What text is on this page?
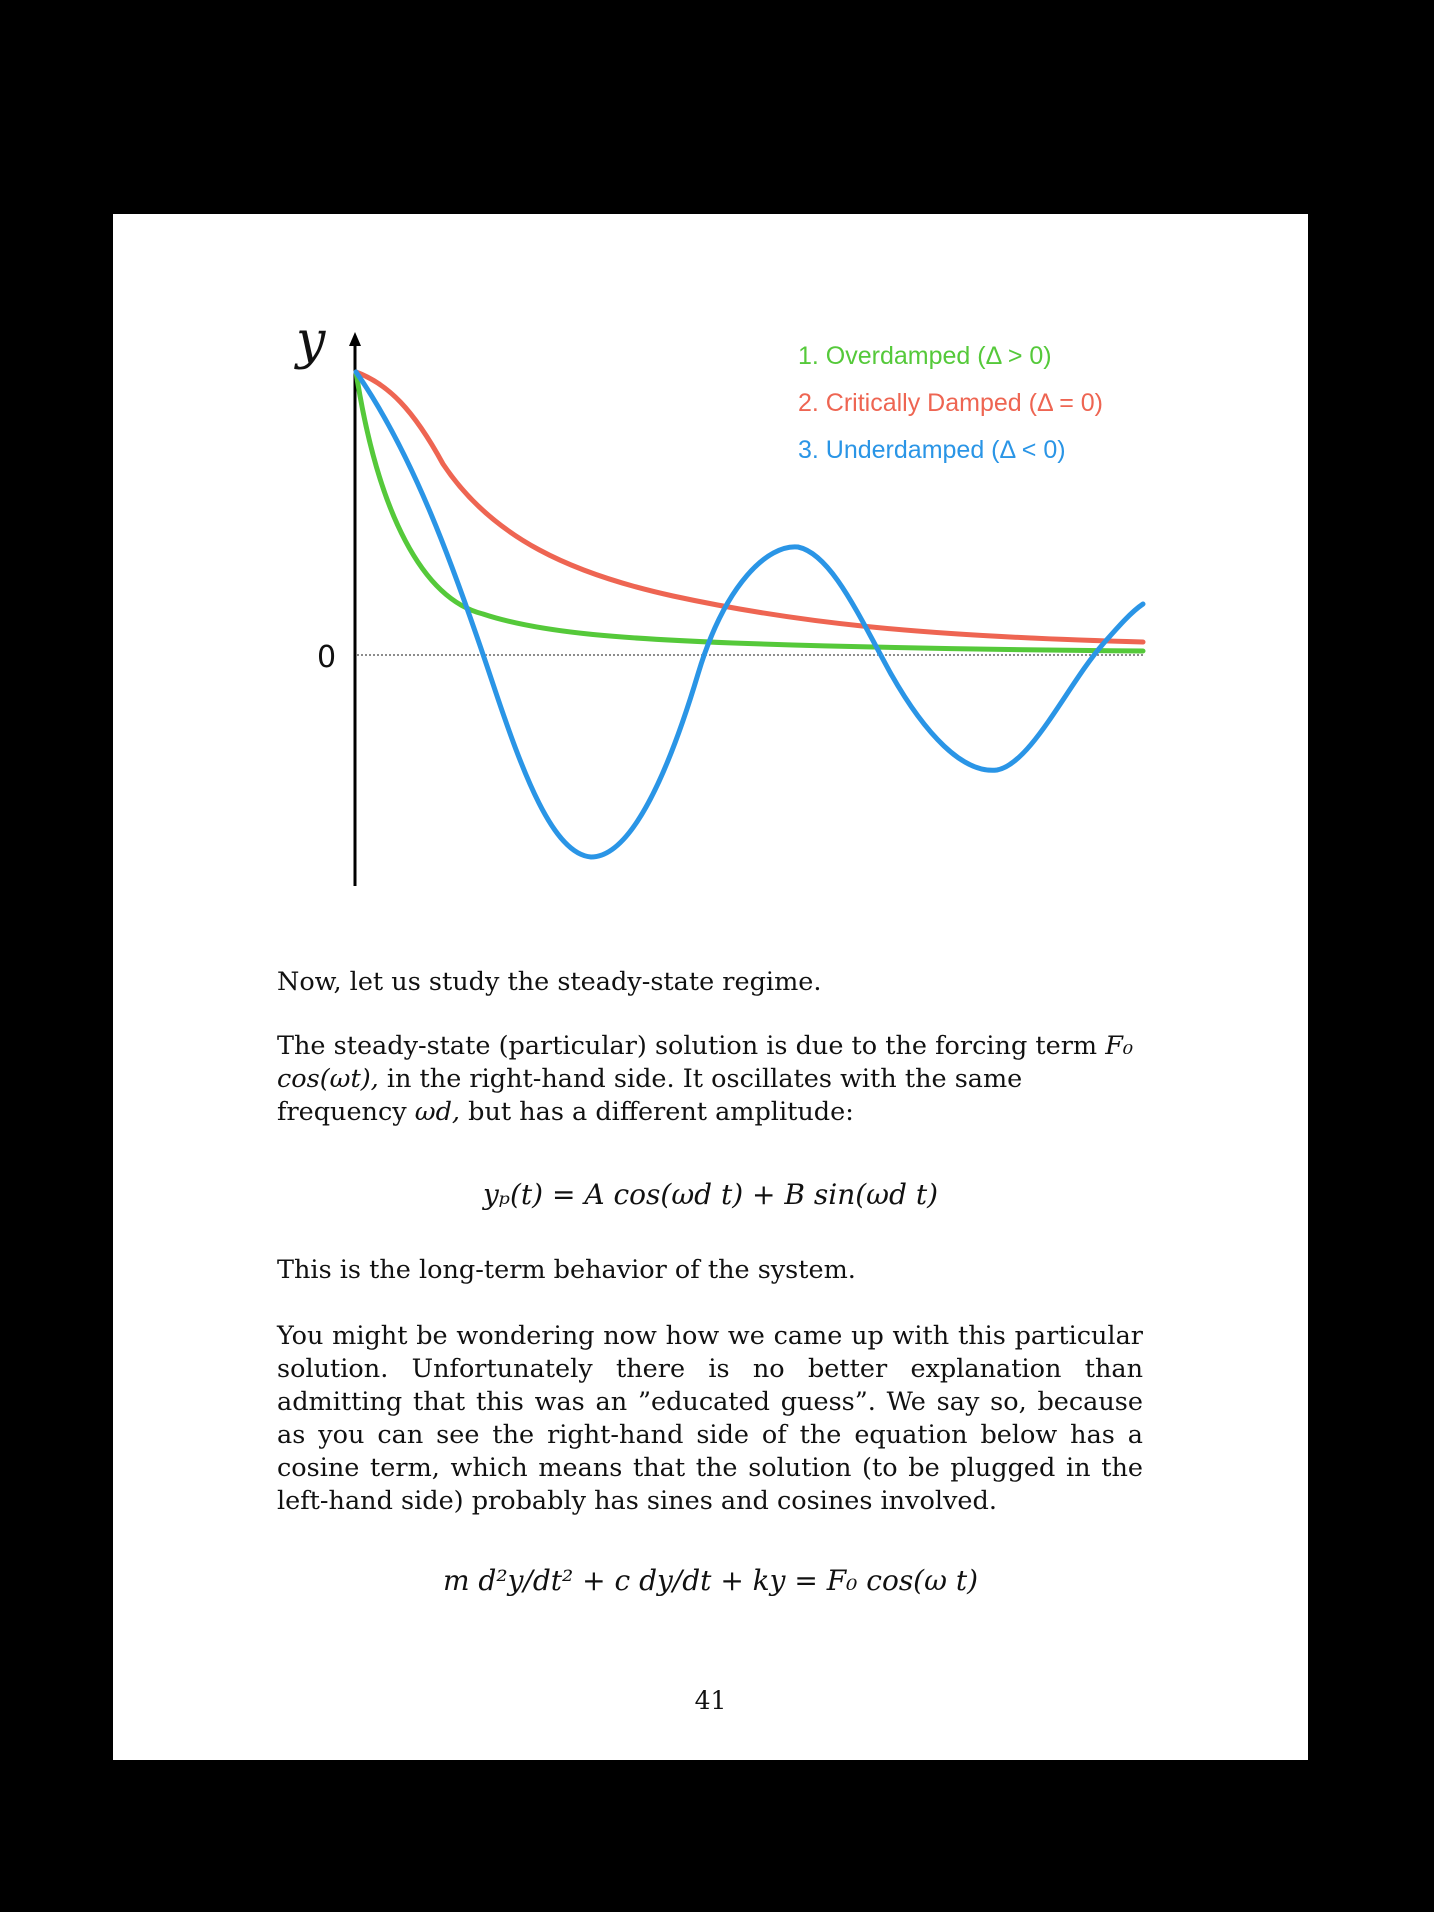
y
0
1. Overdamped (Δ > 0)
2. Critically Damped (Δ = 0)
3. Underdamped (Δ < 0)

Now, let us study the steady-state regime.

The steady-state (particular) solution is due to the forcing term F₀ cos(ωt), in the right-hand side. It oscillates with the same frequency ωd, but has a different amplitude:

yₚ(t) = A cos(ωd t) + B sin(ωd t)

This is the long-term behavior of the system.

You might be wondering now how we came up with this particular solution. Unfortunately there is no better explanation than admitting that this was an ”educated guess”. We say so, because as you can see the right-hand side of the equation below has a cosine term, which means that the solution (to be plugged in the left-hand side) probably has sines and cosines involved.

m d²y/dt² + c dy/dt + ky = F₀ cos(ω t)
41
